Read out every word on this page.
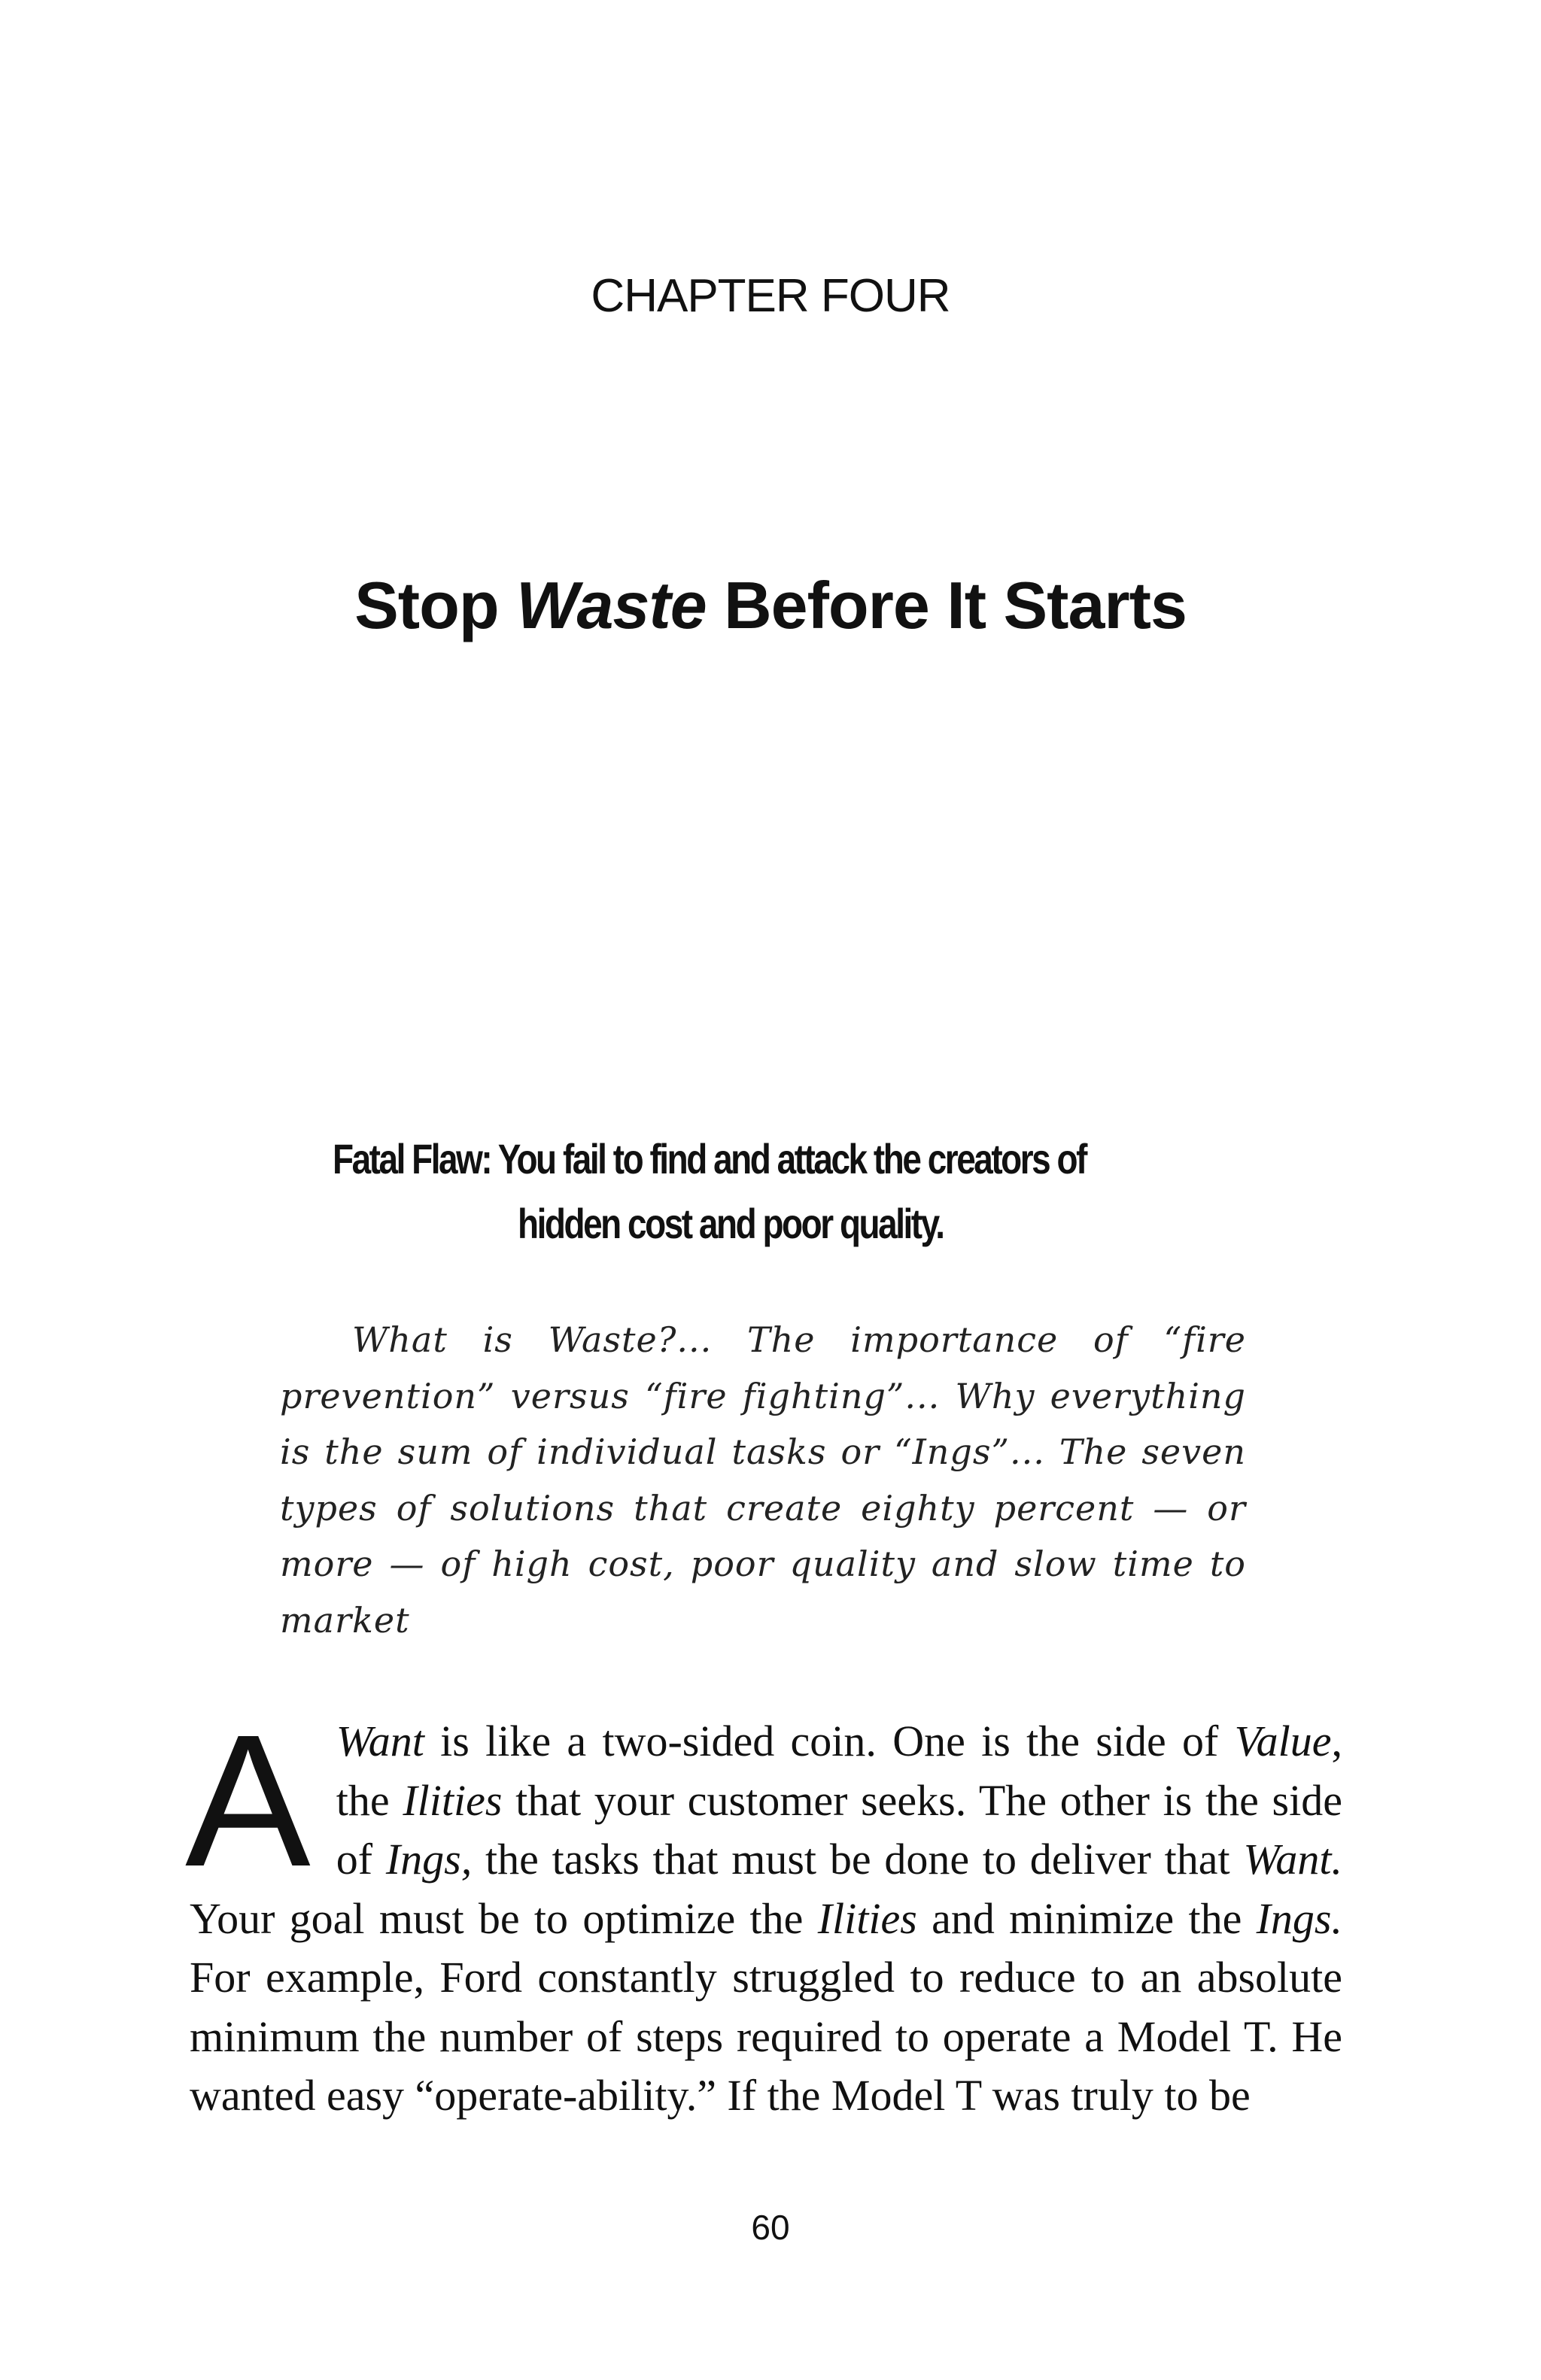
CHAPTER FOUR
Stop Waste Before It Starts
Fatal Flaw: You fail to find and attack the creators of
hidden cost and poor quality.
What is Waste?... The importance of “fire prevention” versus “fire fighting”... Why everything is the sum of individual tasks or “Ings”... The seven types of solutions that create eighty percent — or more — of high cost, poor quality and slow time to market
A Want is like a two-sided coin. One is the side of Value, the Ilities that your customer seeks. The other is the side of Ings, the tasks that must be done to deliver that Want. Your goal must be to optimize the Ilities and minimize the Ings. For example, Ford constantly struggled to reduce to an absolute minimum the number of steps required to operate a Model T. He wanted easy “operate-ability.” If the Model T was truly to be
60
